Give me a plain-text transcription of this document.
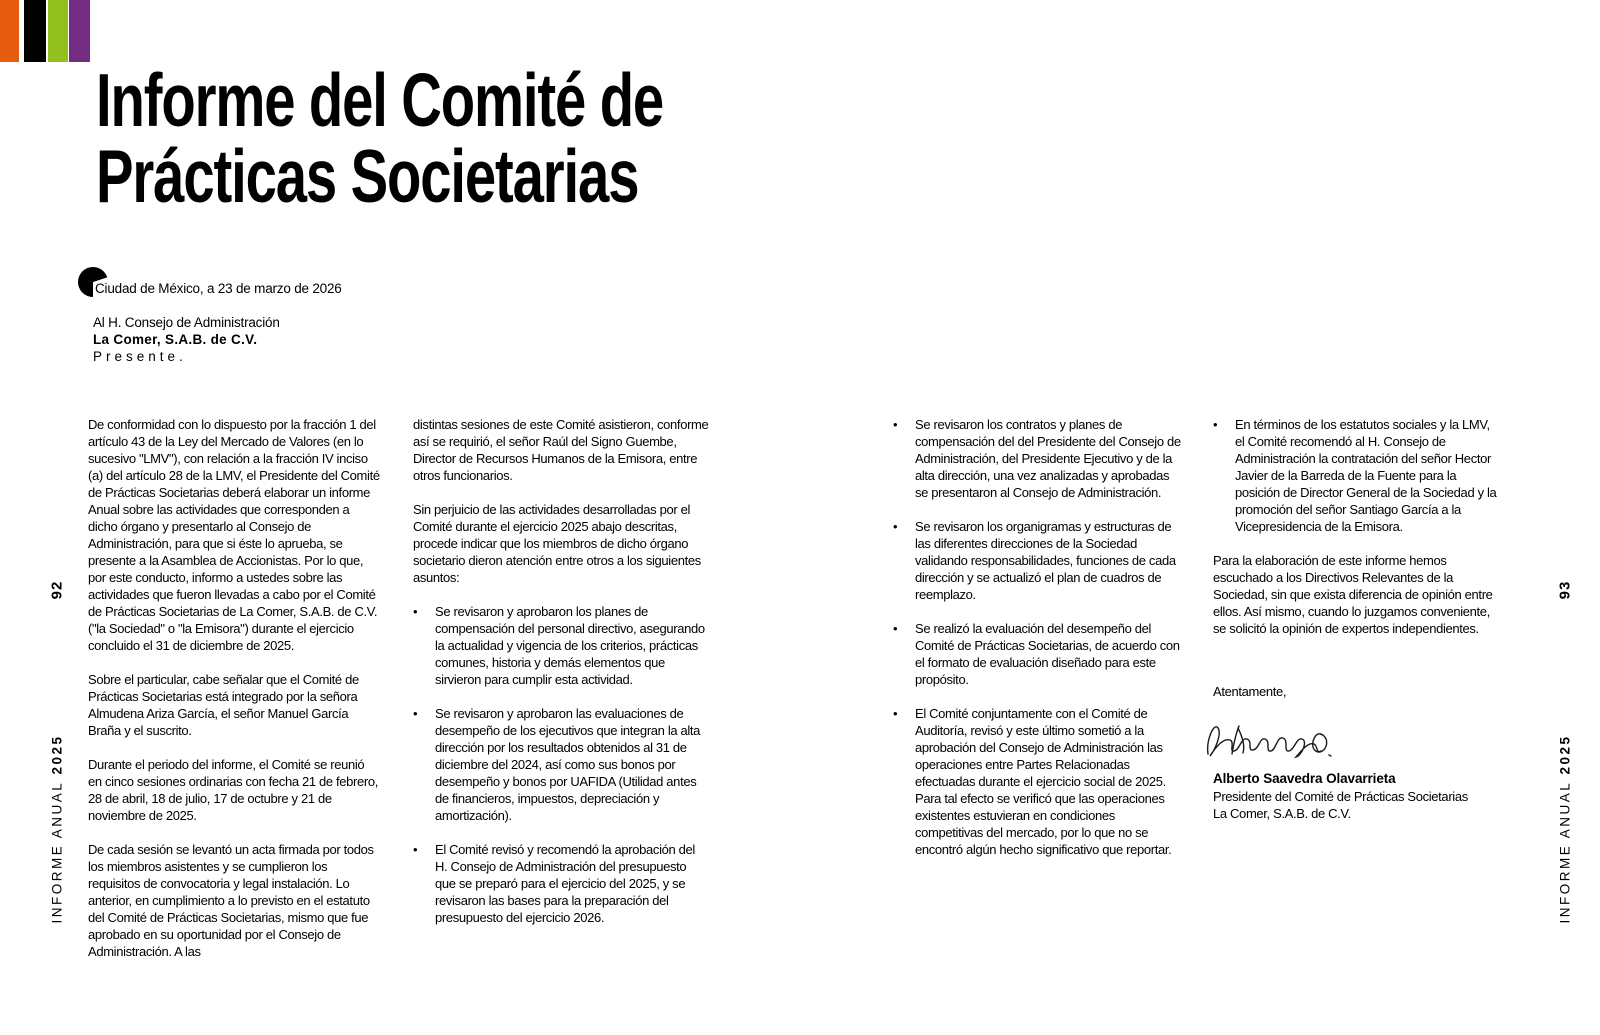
Informe del Comité de
Prácticas Societarias
Ciudad de México, a 23 de marzo de 2026

Al H. Consejo de Administración

La Comer, S.A.B. de C.V.

Presente.

De conformidad con lo dispuesto por la fracción 1 del artículo 43 de la Ley del Mercado de Valores (en lo sucesivo "LMV"), con relación a la fracción IV inciso (a) del artículo 28 de la LMV, el Presidente del Comité de Prácticas Societarias deberá elaborar un informe Anual sobre las actividades que corresponden a dicho órgano y presentarlo al Consejo de Administración, para que si éste lo aprueba, se presente a la Asamblea de Accionistas. Por lo que, por este conducto, informo a ustedes sobre las actividades que fueron llevadas a cabo por el Comité de Prácticas Societarias de La Comer, S.A.B. de C.V. ("la Sociedad" o "la Emisora") durante el ejercicio concluido el 31 de diciembre de 2025.

Sobre el particular, cabe señalar que el Comité de Prácticas Societarias está integrado por la señora Almudena Ariza García, el señor Manuel García Braña y el suscrito.

Durante el periodo del informe, el Comité se reunió en cinco sesiones ordinarias con fecha 21 de febrero, 28 de abril, 18 de julio, 17 de octubre y 21 de noviembre de 2025.

De cada sesión se levantó un acta firmada por todos los miembros asistentes y se cumplieron los requisitos de convocatoria y legal instalación. Lo anterior, en cumplimiento a lo previsto en el estatuto del Comité de Prácticas Societarias, mismo que fue aprobado en su oportunidad por el Consejo de Administración. A las

distintas sesiones de este Comité asistieron, conforme así se requirió, el señor Raúl del Signo Guembe, Director de Recursos Humanos de la Emisora, entre otros funcionarios.

Sin perjuicio de las actividades desarrolladas por el Comité durante el ejercicio 2025 abajo descritas, procede indicar que los miembros de dicho órgano societario dieron atención entre otros a los siguientes asuntos:

•	Se revisaron y aprobaron los planes de compensación del personal directivo, asegurando la actualidad y vigencia de los criterios, prácticas comunes, historia y demás elementos que sirvieron para cumplir esta actividad.

•	Se revisaron y aprobaron las evaluaciones de desempeño de los ejecutivos que integran la alta dirección por los resultados obtenidos al 31 de diciembre del 2024, así como sus bonos por desempeño y bonos por UAFIDA (Utilidad antes de financieros, impuestos, depreciación y amortización).

•	El Comité revisó y recomendó la aprobación del H. Consejo de Administración del presupuesto que se preparó para el ejercicio del 2025, y se revisaron las bases para la preparación del presupuesto del ejercicio 2026.

•	Se revisaron los contratos y planes de compensación del del Presidente del Consejo de Administración, del Presidente Ejecutivo y de la alta dirección, una vez analizadas y aprobadas se presentaron al Consejo de Administración.

•	Se revisaron los organigramas y estructuras de las diferentes direcciones de la Sociedad validando responsabilidades, funciones de cada dirección y se actualizó el plan de cuadros de reemplazo.

•	Se realizó la evaluación del desempeño del Comité de Prácticas Societarias, de acuerdo con el formato de evaluación diseñado para este propósito.

•	El Comité conjuntamente con el Comité de Auditoría, revisó y este último sometió a la aprobación del Consejo de Administración las operaciones entre Partes Relacionadas efectuadas durante el ejercicio social de 2025. Para tal efecto se verificó que las operaciones existentes estuvieran en condiciones competitivas del mercado, por lo que no se encontró algún hecho significativo que reportar.

•	En términos de los estatutos sociales y la LMV, el Comité recomendó al H. Consejo de Administración la contratación del señor Hector Javier de la Barreda de la Fuente para la posición de Director General de la Sociedad y la promoción del señor Santiago García a la Vicepresidencia de la Emisora.

Para la elaboración de este informe hemos escuchado a los Directivos Relevantes de la Sociedad, sin que exista diferencia de opinión entre ellos. Así mismo, cuando lo juzgamos conveniente, se solicitó la opinión de expertos independientes.

Atentamente,

Alberto Saavedra Olavarrieta

Presidente del Comité de Prácticas Societarias

La Comer, S.A.B. de C.V.

92
INFORME ANUAL 2025
93
INFORME ANUAL 2025
